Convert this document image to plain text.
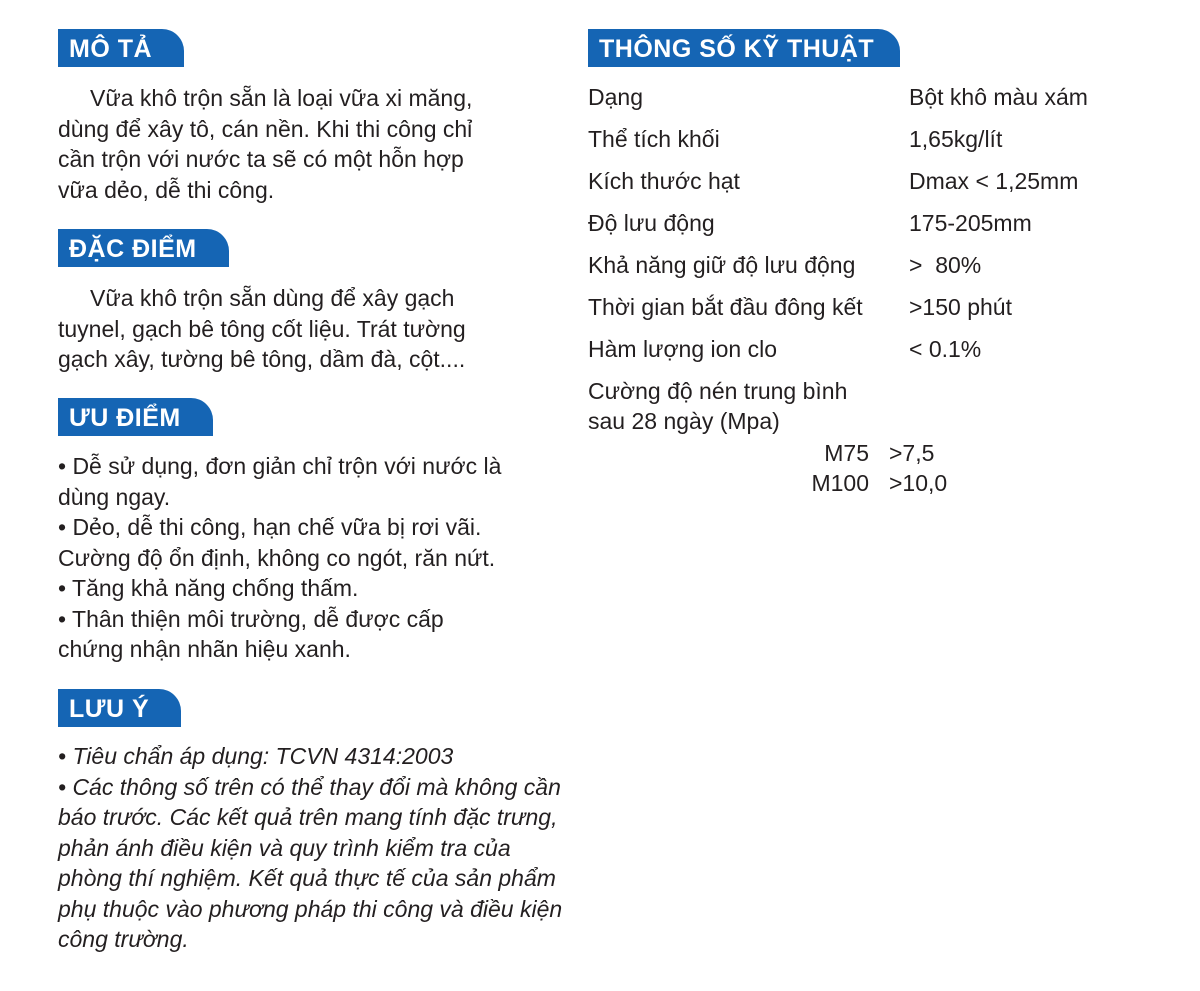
MÔ TẢ

Vữa khô trộn sẵn là loại vữa xi măng,

dùng để xây tô, cán nền. Khi thi công chỉ

cần trộn với nước ta sẽ có một hỗn hợp

vữa dẻo, dễ thi công.

ĐẶC ĐIỂM

Vữa khô trộn sẵn dùng để xây gạch

tuynel, gạch bê tông cốt liệu. Trát tường

gạch xây, tường bê tông, dầm đà, cột....

ƯU ĐIỂM

• Dễ sử dụng, đơn giản chỉ trộn với nước là

dùng ngay.

• Dẻo, dễ thi công, hạn chế vữa bị rơi vãi.

Cường độ ổn định, không co ngót, răn nứt.

• Tăng khả năng chống thấm.

• Thân thiện môi trường, dễ được cấp

chứng nhận nhãn hiệu xanh.

LƯU Ý

• Tiêu chẩn áp dụng: TCVN 4314:2003

• Các thông số trên có thể thay đổi mà không cần

báo trước. Các kết quả trên mang tính đặc trưng,

phản ánh điều kiện và quy trình kiểm tra của

phòng thí nghiệm. Kết quả thực tế của sản phẩm

phụ thuộc vào phương pháp thi công và điều kiện

công trường.

THÔNG SỐ KỸ THUẬT
Dạng	Bột khô màu xám
Thể tích khối	1,65kg/lít
Kích thước hạt	Dmax < 1,25mm
Độ lưu động	175-205mm
Khả năng giữ độ lưu động	>  80%
Thời gian bắt đầu đông kết	>150 phút
Hàm lượng ion clo	< 0.1%
Cường độ nén trung bình
sau 28 ngày (Mpa)
M75 >7,5
M100 >10,0
